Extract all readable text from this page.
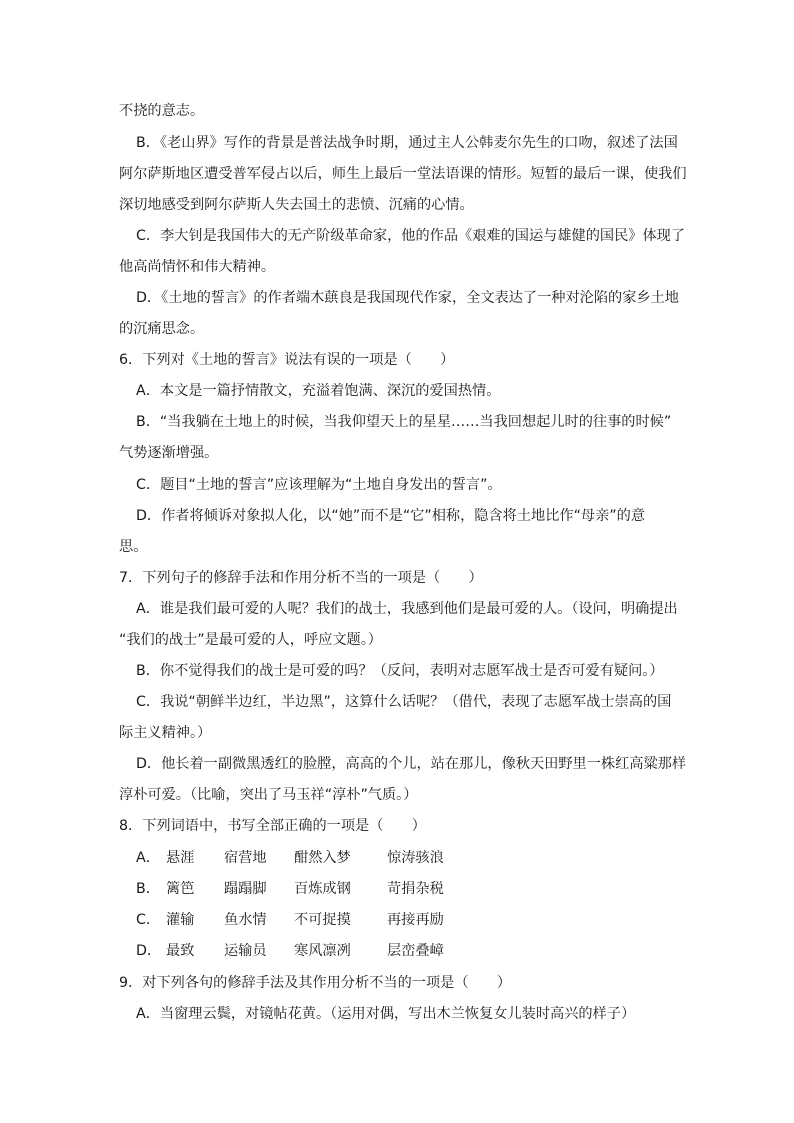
不挠的意志。
B．《老山界》写作的背景是普法战争时期，通过主人公韩麦尔先生的口吻，叙述了法国
阿尔萨斯地区遭受普军侵占以后，师生上最后一堂法语课的情形。短暂的最后一课，使我们
深切地感受到阿尔萨斯人失去国土的悲愤、沉痛的心情。
C．李大钊是我国伟大的无产阶级革命家，他的作品《艰难的国运与雄健的国民》体现了
他高尚情怀和伟大精神。
D．《土地的誓言》的作者端木蕻良是我国现代作家，全文表达了一种对沦陷的家乡土地
的沉痛思念。
6．下列对《土地的誓言》说法有误的一项是（　　）
A．本文是一篇抒情散文，充溢着饱满、深沉的爱国热情。
B．“当我躺在土地上的时候，当我仰望天上的星星……当我回想起儿时的往事的时候”
气势逐渐增强。
C．题目“土地的誓言”应该理解为“土地自身发出的誓言”。
D．作者将倾诉对象拟人化，以“她”而不是“它”相称，隐含将土地比作“母亲”的意
思。
7．下列句子的修辞手法和作用分析不当的一项是（　　）
A．谁是我们最可爱的人呢？我们的战士，我感到他们是最可爱的人。（设问，明确提出
“我们的战士”是最可爱的人，呼应文题。）
B．你不觉得我们的战士是可爱的吗？（反问，表明对志愿军战士是否可爱有疑问。）
C．我说“朝鲜半边红，半边黑”，这算什么话呢？（借代，表现了志愿军战士崇高的国
际主义精神。）
D．他长着一副微黑透红的脸膛，高高的个儿，站在那儿，像秋天田野里一株红高粱那样
淳朴可爱。（比喻，突出了马玉祥“淳朴”气质。）
8．下列词语中，书写全部正确的一项是（　　）
A． 悬涯 宿营地 酣然入梦	惊涛骇浪
B． 篱笆 蹋蹋脚 百炼成钢	苛捐杂税
C． 灌输 鱼水情 不可捉摸	再接再励
D． 最致 运输员 寒风凛冽	层峦叠嶂
9．对下列各句的修辞手法及其作用分析不当的一项是（　　）
A．当窗理云鬓，对镜帖花黄。（运用对偶，写出木兰恢复女儿装时高兴的样子）
